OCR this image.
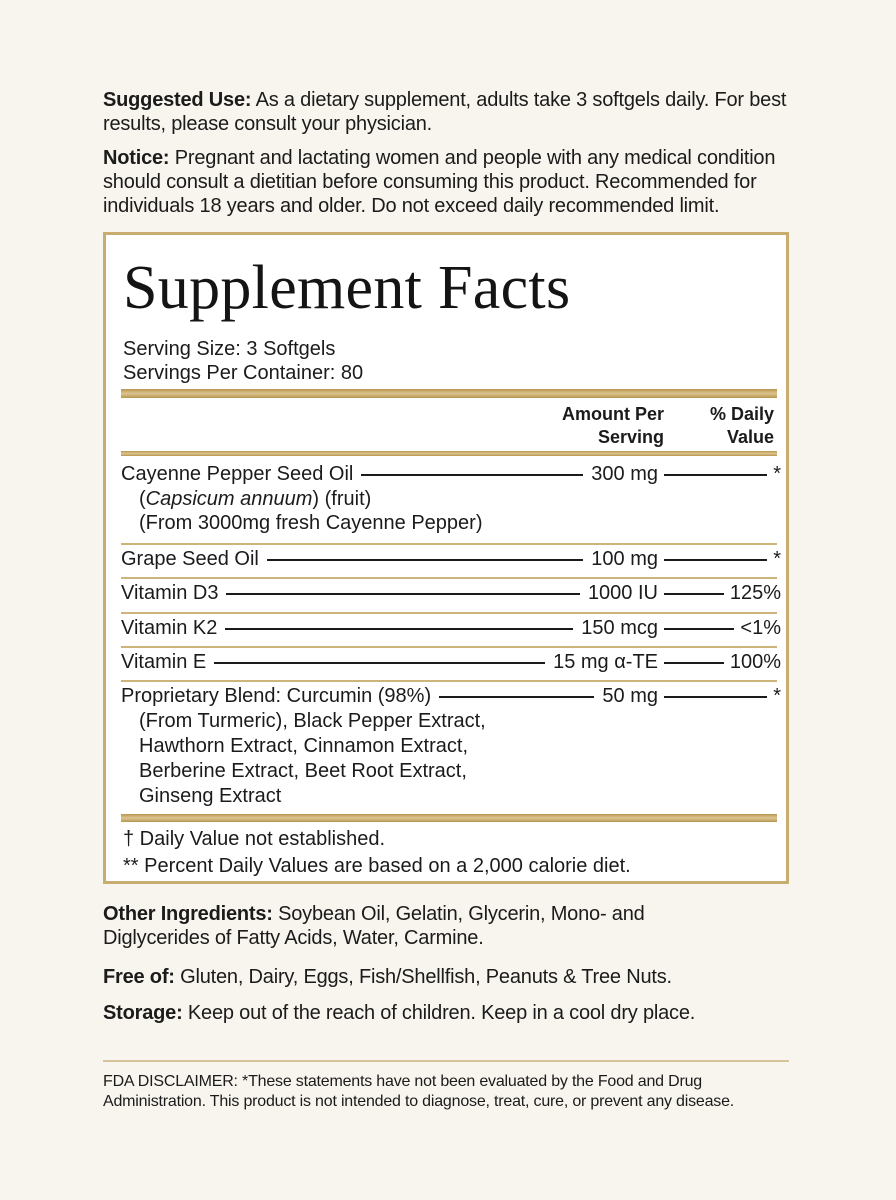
Suggested Use: As a dietary supplement, adults take 3 softgels daily. For best
results, please consult your physician.
Notice: Pregnant and lactating women and people with any medical condition
should consult a dietitian before consuming this product. Recommended for
individuals 18 years and older. Do not exceed daily recommended limit.
Supplement Facts
Serving Size: 3 Softgels
Servings Per Container: 80
Amount Per
Serving
% Daily
Value
Cayenne Pepper Seed Oil	300 mg	*
(Capsicum annuum) (fruit)
(From 3000mg fresh Cayenne Pepper)
Grape Seed Oil	100 mg	*
Vitamin D3	1000 IU	125%
Vitamin K2	150 mcg	<1%
Vitamin E	15 mg α-TE	100%
Proprietary Blend: Curcumin (98%)	50 mg	*
(From Turmeric), Black Pepper Extract,
Hawthorn Extract, Cinnamon Extract,
Berberine Extract, Beet Root Extract,
Ginseng Extract
† Daily Value not established.
** Percent Daily Values are based on a 2,000 calorie diet.
Other Ingredients: Soybean Oil, Gelatin, Glycerin, Mono- and
Diglycerides of Fatty Acids, Water, Carmine.
Free of: Gluten, Dairy, Eggs, Fish/Shellfish, Peanuts & Tree Nuts.
Storage: Keep out of the reach of children. Keep in a cool dry place.
FDA DISCLAIMER: *These statements have not been evaluated by the Food and Drug
Administration. This product is not intended to diagnose, treat, cure, or prevent any disease.
